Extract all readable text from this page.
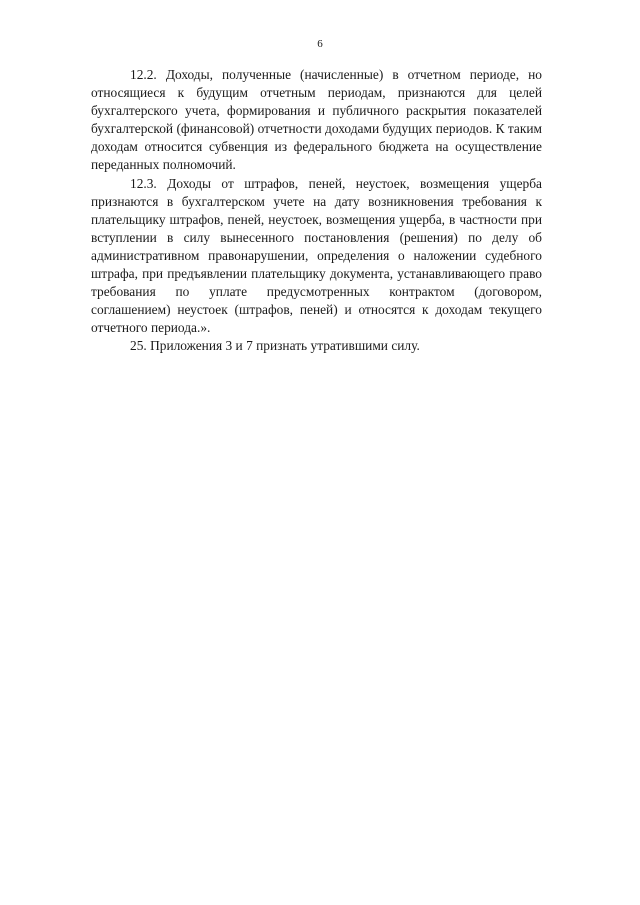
6

12.2. Доходы, полученные (начисленные) в отчетном периоде, но относящиеся к будущим отчетным периодам, признаются для целей бухгалтерского учета, формирования и публичного раскрытия показателей бухгалтерской (финансовой) отчетности доходами будущих периодов. К таким доходам относится субвенция из федерального бюджета на осуществление переданных полномочий.

12.3. Доходы от штрафов, пеней, неустоек, возмещения ущерба признаются в бухгалтерском учете на дату возникновения требования к плательщику штрафов, пеней, неустоек, возмещения ущерба, в частности при вступлении в силу вынесенного постановления (решения) по делу об административном правонарушении, определения о наложении судебного штрафа, при предъявлении плательщику документа, устанавливающего право требования по уплате предусмотренных контрактом (договором, соглашением) неустоек (штрафов, пеней) и относятся к доходам текущего отчетного периода.».

25. Приложения 3 и 7 признать утратившими силу.
